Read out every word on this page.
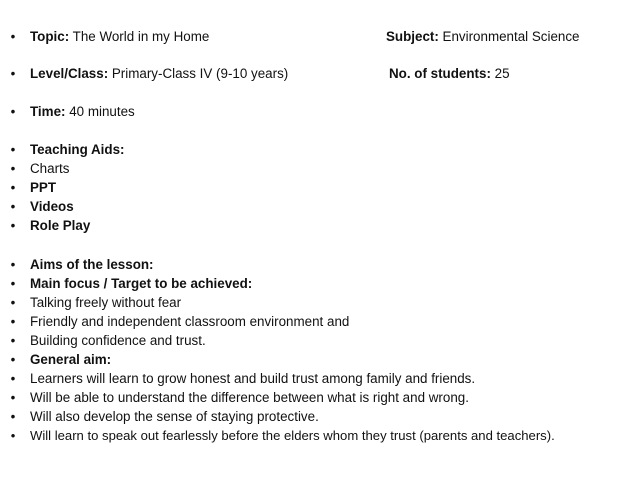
• Topic: The World in my Home	Subject: Environmental Science
• Level/Class: Primary-Class IV (9-10 years)	No. of students: 25
• Time: 40 minutes
• Teaching Aids:
• Charts
• PPT
• Videos
• Role Play
• Aims of the lesson:
• Main focus / Target to be achieved:
• Talking freely without fear
• Friendly and independent classroom environment and
• Building confidence and trust.
• General aim:
• Learners will learn to grow honest and build trust among family and friends.
• Will be able to understand the difference between what is right and wrong.
• Will also develop the sense of staying protective.
• Will learn to speak out fearlessly before the elders whom they trust (parents and teachers).
